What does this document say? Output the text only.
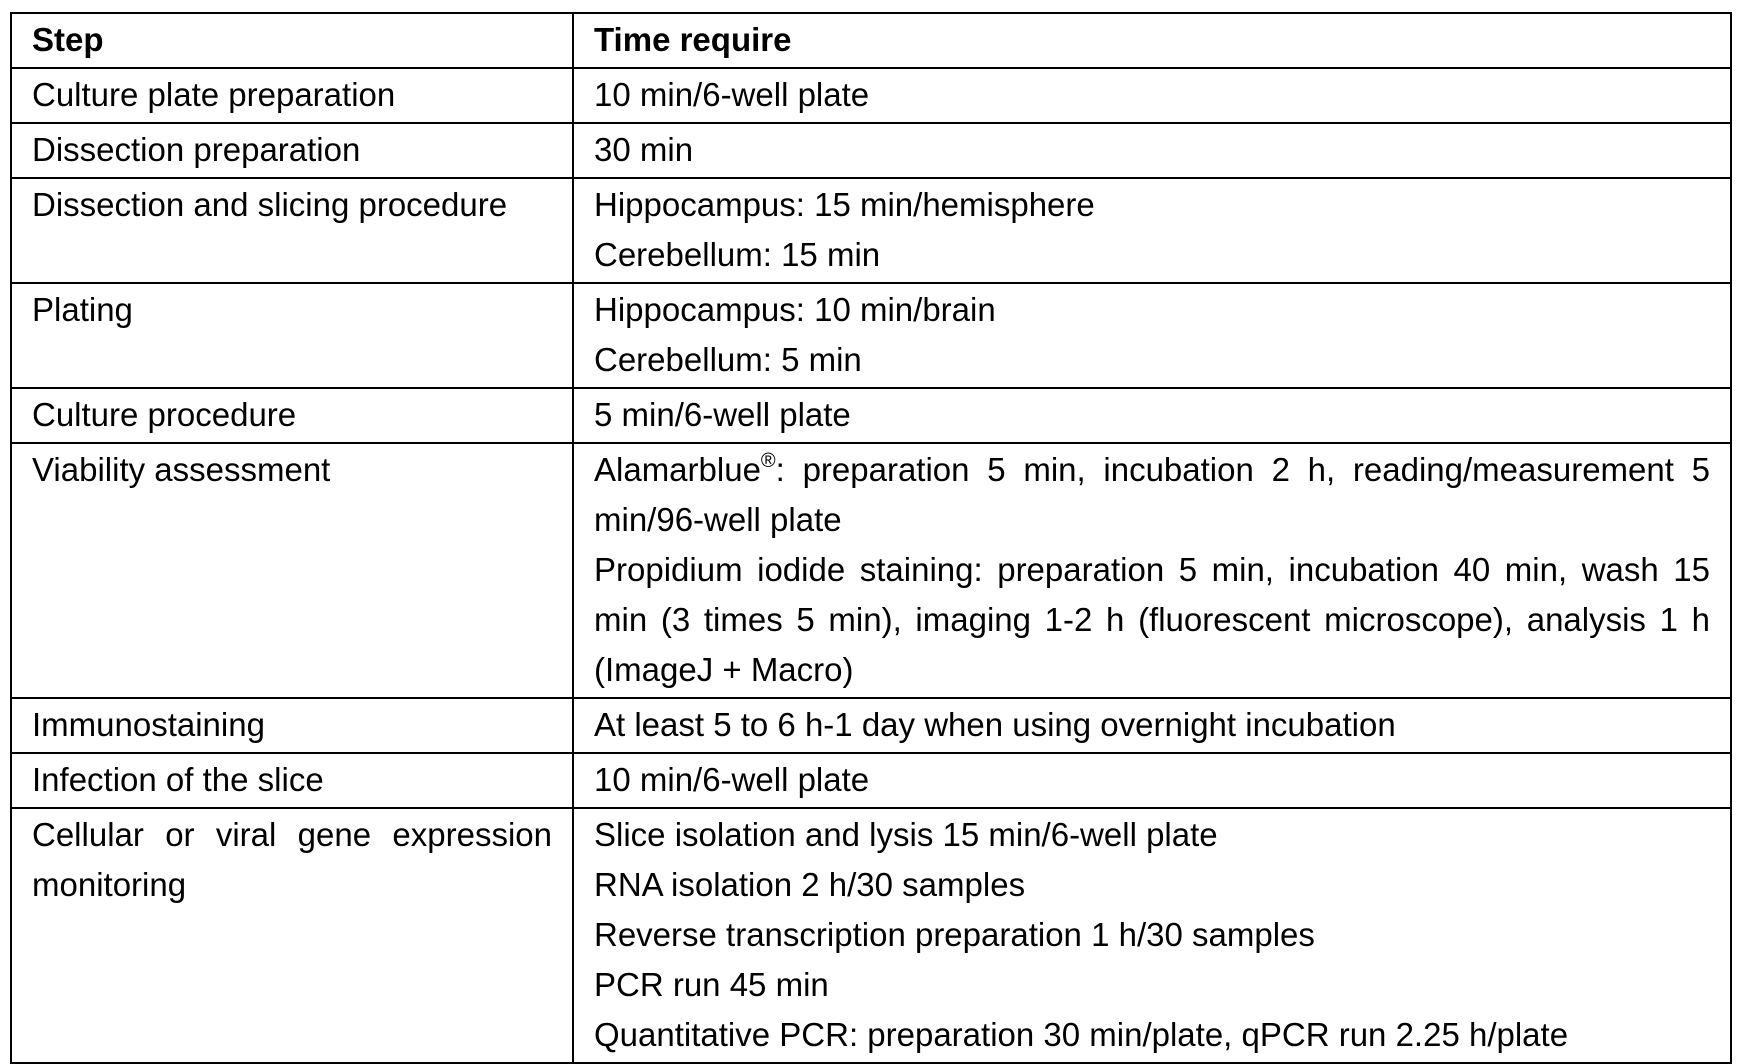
Step	Time require
Culture plate preparation	10 min/6-well plate

Dissection preparation	30 min

Dissection and slicing procedure	Hippocampus: 15 min/hemisphere
Cerebellum: 15 min

Plating	Hippocampus: 10 min/brain
Cerebellum: 5 min

Culture procedure	5 min/6-well plate

Viability assessment	Alamarblue®: preparation 5 min, incubation 2 h, reading/measurement 5 min/96-well plate
Propidium iodide staining: preparation 5 min, incubation 40 min, wash 15 min (3 times 5 min), imaging 1-2 h (fluorescent microscope), analysis 1 h (ImageJ + Macro)

Immunostaining	At least 5 to 6 h-1 day when using overnight incubation

Infection of the slice	10 min/6-well plate

Cellular or viral gene expression monitoring	Slice isolation and lysis 15 min/6-well plate
RNA isolation 2 h/30 samples
Reverse transcription preparation 1 h/30 samples
PCR run 45 min
Quantitative PCR: preparation 30 min/plate, qPCR run 2.25 h/plate
